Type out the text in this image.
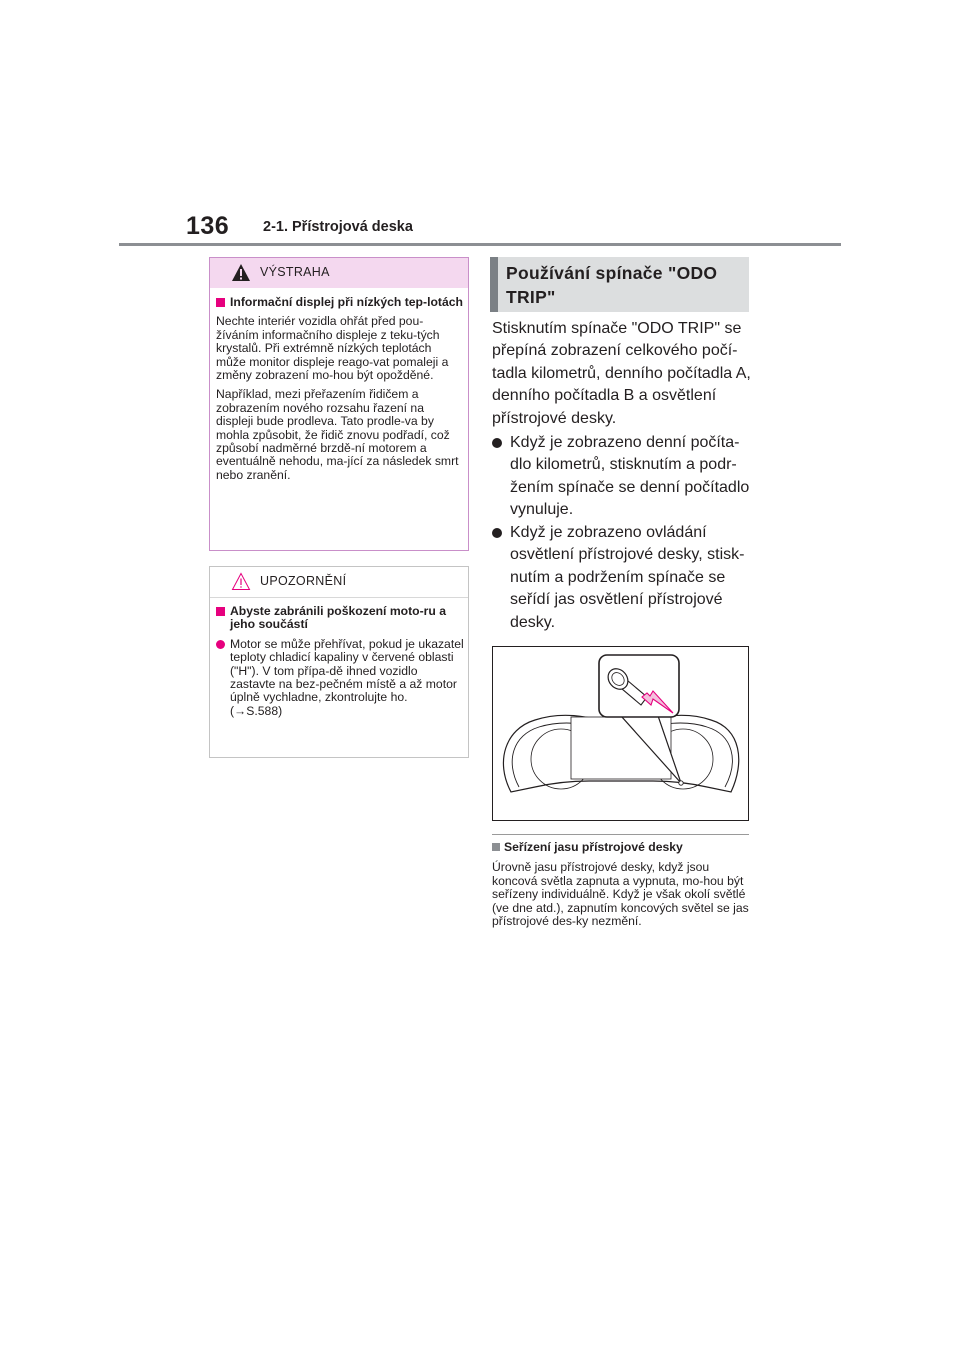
136 2-1. Přístrojová deska
VÝSTRAHA
Informační displej při nízkých tep-lotách

Nechte interiér vozidla ohřát před pou-žíváním informačního displeje z teku-tých krystalů. Při extrémně nízkých teplotách může monitor displeje reago-vat pomaleji a změny zobrazení mo-hou být opožděné.

Například, mezi přeřazením řidičem a zobrazením nového rozsahu řazení na displeji bude prodleva. Tato prodle-va by mohla způsobit, že řidič znovu podřadí, což způsobí nadměrné brzdě-ní motorem a eventuálně nehodu, ma-jící za následek smrt nebo zranění.

UPOZORNĚNÍ
Abyste zabránili poškození moto-ru a jeho součástí
Motor se může přehřívat, pokud je ukazatel teploty chladicí kapaliny v červené oblasti ("H"). V tom přípa-dě ihned vozidlo zastavte na bez-pečném místě a až motor úplně vychladne, zkontrolujte ho.
(→S.588)
Používání spínače "ODO TRIP"
Stisknutím spínače "ODO TRIP" se přepíná zobrazení celkového počí-tadla kilometrů, denního počítadla A, denního počítadla B a osvětlení přístrojové desky.
Když je zobrazeno denní počíta-dlo kilometrů, stisknutím a podr-žením spínače se denní počítadlo vynuluje.
Když je zobrazeno ovládání osvětlení přístrojové desky, stisk-nutím a podržením spínače se seřídí jas osvětlení přístrojové desky.
Seřízení jasu přístrojové desky
Úrovně jasu přístrojové desky, když jsou koncová světla zapnuta a vypnuta, mo-hou být seřízeny individuálně. Když je však okolí světlé (ve dne atd.), zapnutím koncových světel se jas přístrojové des-ky nezmění.
